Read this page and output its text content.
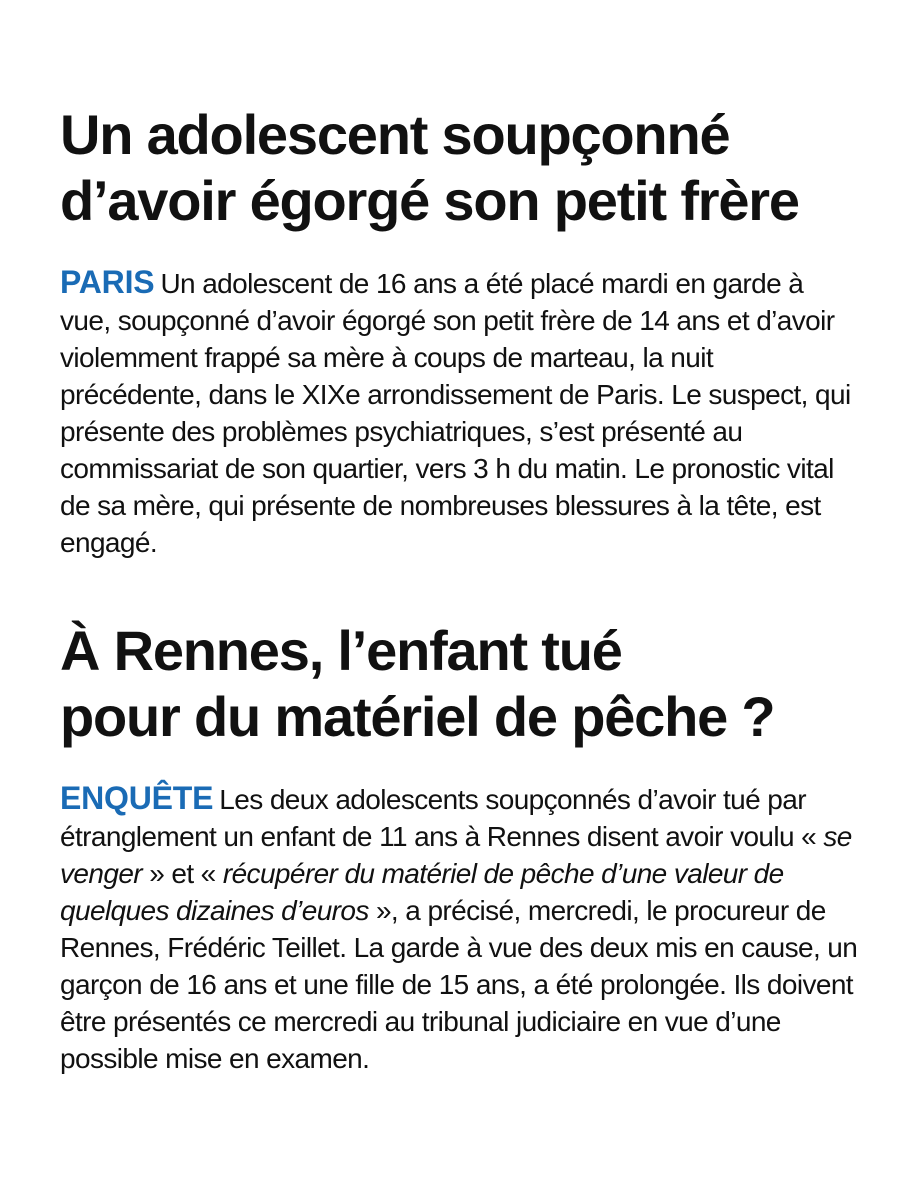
Un adolescent soupçonné
d’avoir égorgé son petit frère

PARIS Un adolescent de 16 ans a été placé mardi en garde à vue, soupçonné d’avoir égorgé son petit frère de 14 ans et d’avoir violemment frappé sa mère à coups de marteau, la nuit précédente, dans le XIXe arrondissement de Paris. Le suspect, qui présente des problèmes psychiatriques, s’est présenté au commissariat de son quartier, vers 3 h du matin. Le pronostic vital de sa mère, qui présente de nombreuses blessures à la tête, est engagé.

À Rennes, l’enfant tué
pour du matériel de pêche ?

ENQUÊTE Les deux adolescents soupçonnés d’avoir tué par étranglement un enfant de 11 ans à Rennes disent avoir voulu « se venger » et « récupérer du matériel de pêche d’une valeur de quelques dizaines d’euros », a précisé, mercredi, le procureur de Rennes, Frédéric Teillet. La garde à vue des deux mis en cause, un garçon de 16 ans et une fille de 15 ans, a été prolongée. Ils doivent être présentés ce mercredi au tribunal judiciaire en vue d’une possible mise en examen.
